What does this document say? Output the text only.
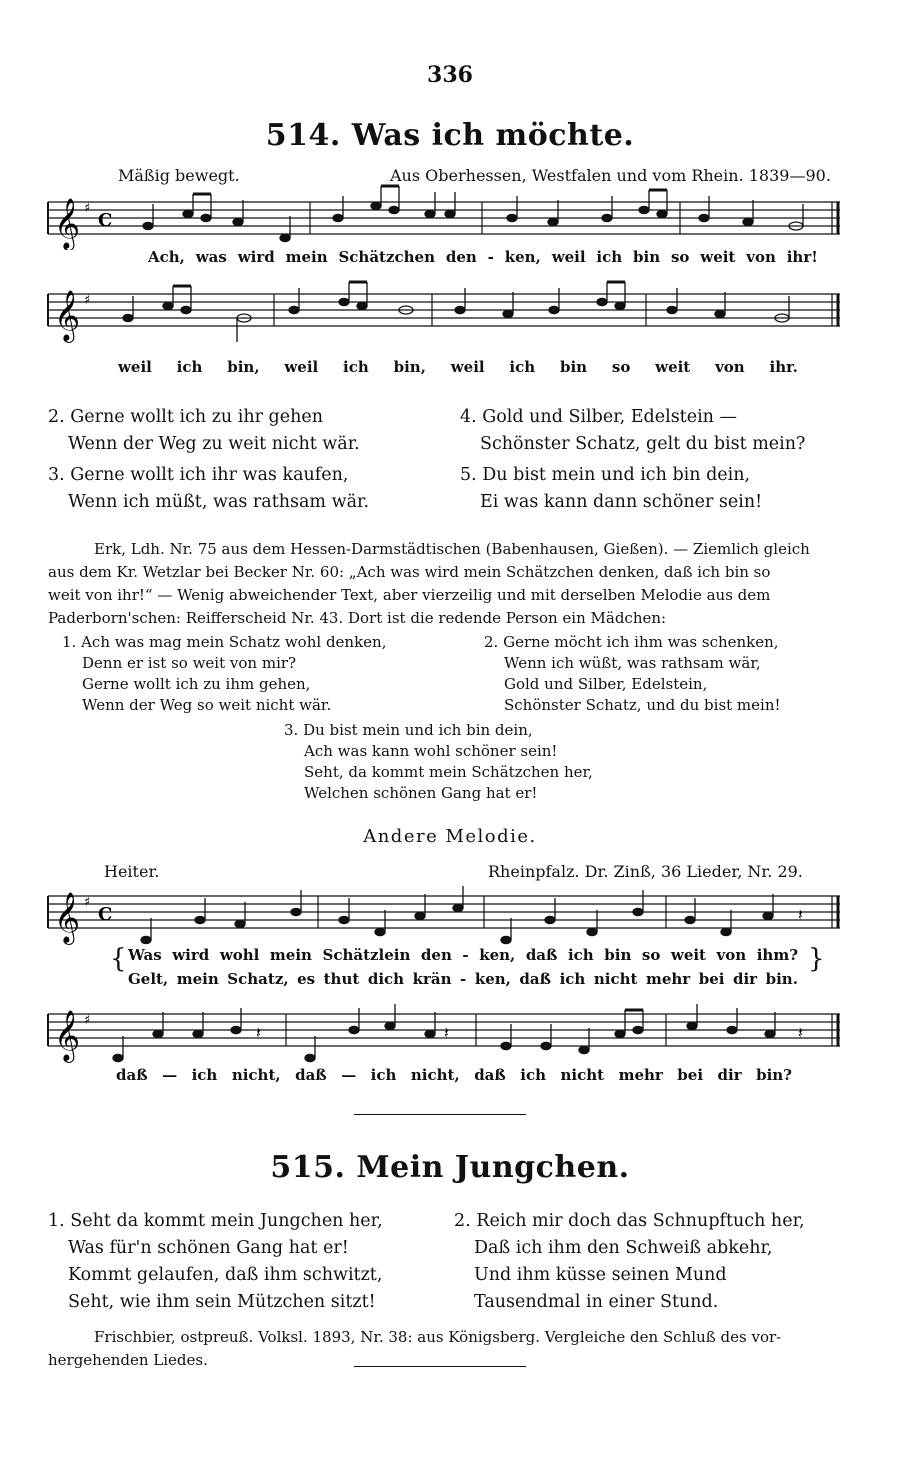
336
514. Was ich möchte.
Mäßig bewegt.	Aus Oberhessen, Westfalen und vom Rhein. 1839—90.
𝄞 ♯
C
Ach, was wird mein Schätzchen den - ken, weil ich bin so weit von ihr!
𝄞 ♯
weil ich bin, weil ich bin, weil ich bin so weit von ihr.
2. Gerne wollt ich zu ihr gehen
Wenn der Weg zu weit nicht wär.
3. Gerne wollt ich ihr was kaufen,
Wenn ich müßt, was rathsam wär.
4. Gold und Silber, Edelstein —
Schönster Schatz, gelt du bist mein?
5. Du bist mein und ich bin dein,
Ei was kann dann schöner sein!
Erk, Ldh. Nr. 75 aus dem Hessen-Darmstädtischen (Babenhausen, Gießen). — Ziemlich gleich
aus dem Kr. Wetzlar bei Becker Nr. 60: „Ach was wird mein Schätzchen denken, daß ich bin so
weit von ihr!“ — Wenig abweichender Text, aber vierzeilig und mit derselben Melodie aus dem
Paderborn'schen: Reifferscheid Nr. 43. Dort ist die redende Person ein Mädchen:
1. Ach was mag mein Schatz wohl denken,
Denn er ist so weit von mir?
Gerne wollt ich zu ihm gehen,
Wenn der Weg so weit nicht wär.
2. Gerne möcht ich ihm was schenken,
Wenn ich wüßt, was rathsam wär,
Gold und Silber, Edelstein,
Schönster Schatz, und du bist mein!
3. Du bist mein und ich bin dein,
Ach was kann wohl schöner sein!
Seht, da kommt mein Schätzchen her,
Welchen schönen Gang hat er!
Andere Melodie.
Heiter.	Rheinpfalz. Dr. Zinß, 36 Lieder, Nr. 29.
𝄞 ♯
C	𝄽
{	}
Was wird wohl mein Schätzlein den - ken, daß ich bin so weit von ihm?
Gelt, mein Schatz, es thut dich krän - ken, daß ich nicht mehr bei dir bin.
𝄞 ♯
𝄽	𝄽	𝄽
daß — ich nicht, daß — ich nicht, daß ich nicht mehr bei dir bin?
515. Mein Jungchen.
1. Seht da kommt mein Jungchen her,
Was für'n schönen Gang hat er!
Kommt gelaufen, daß ihm schwitzt,
Seht, wie ihm sein Mützchen sitzt!
2. Reich mir doch das Schnupftuch her,
Daß ich ihm den Schweiß abkehr,
Und ihm küsse seinen Mund
Tausendmal in einer Stund.
Frischbier, ostpreuß. Volksl. 1893, Nr. 38: aus Königsberg. Vergleiche den Schluß des vor-
hergehenden Liedes.
